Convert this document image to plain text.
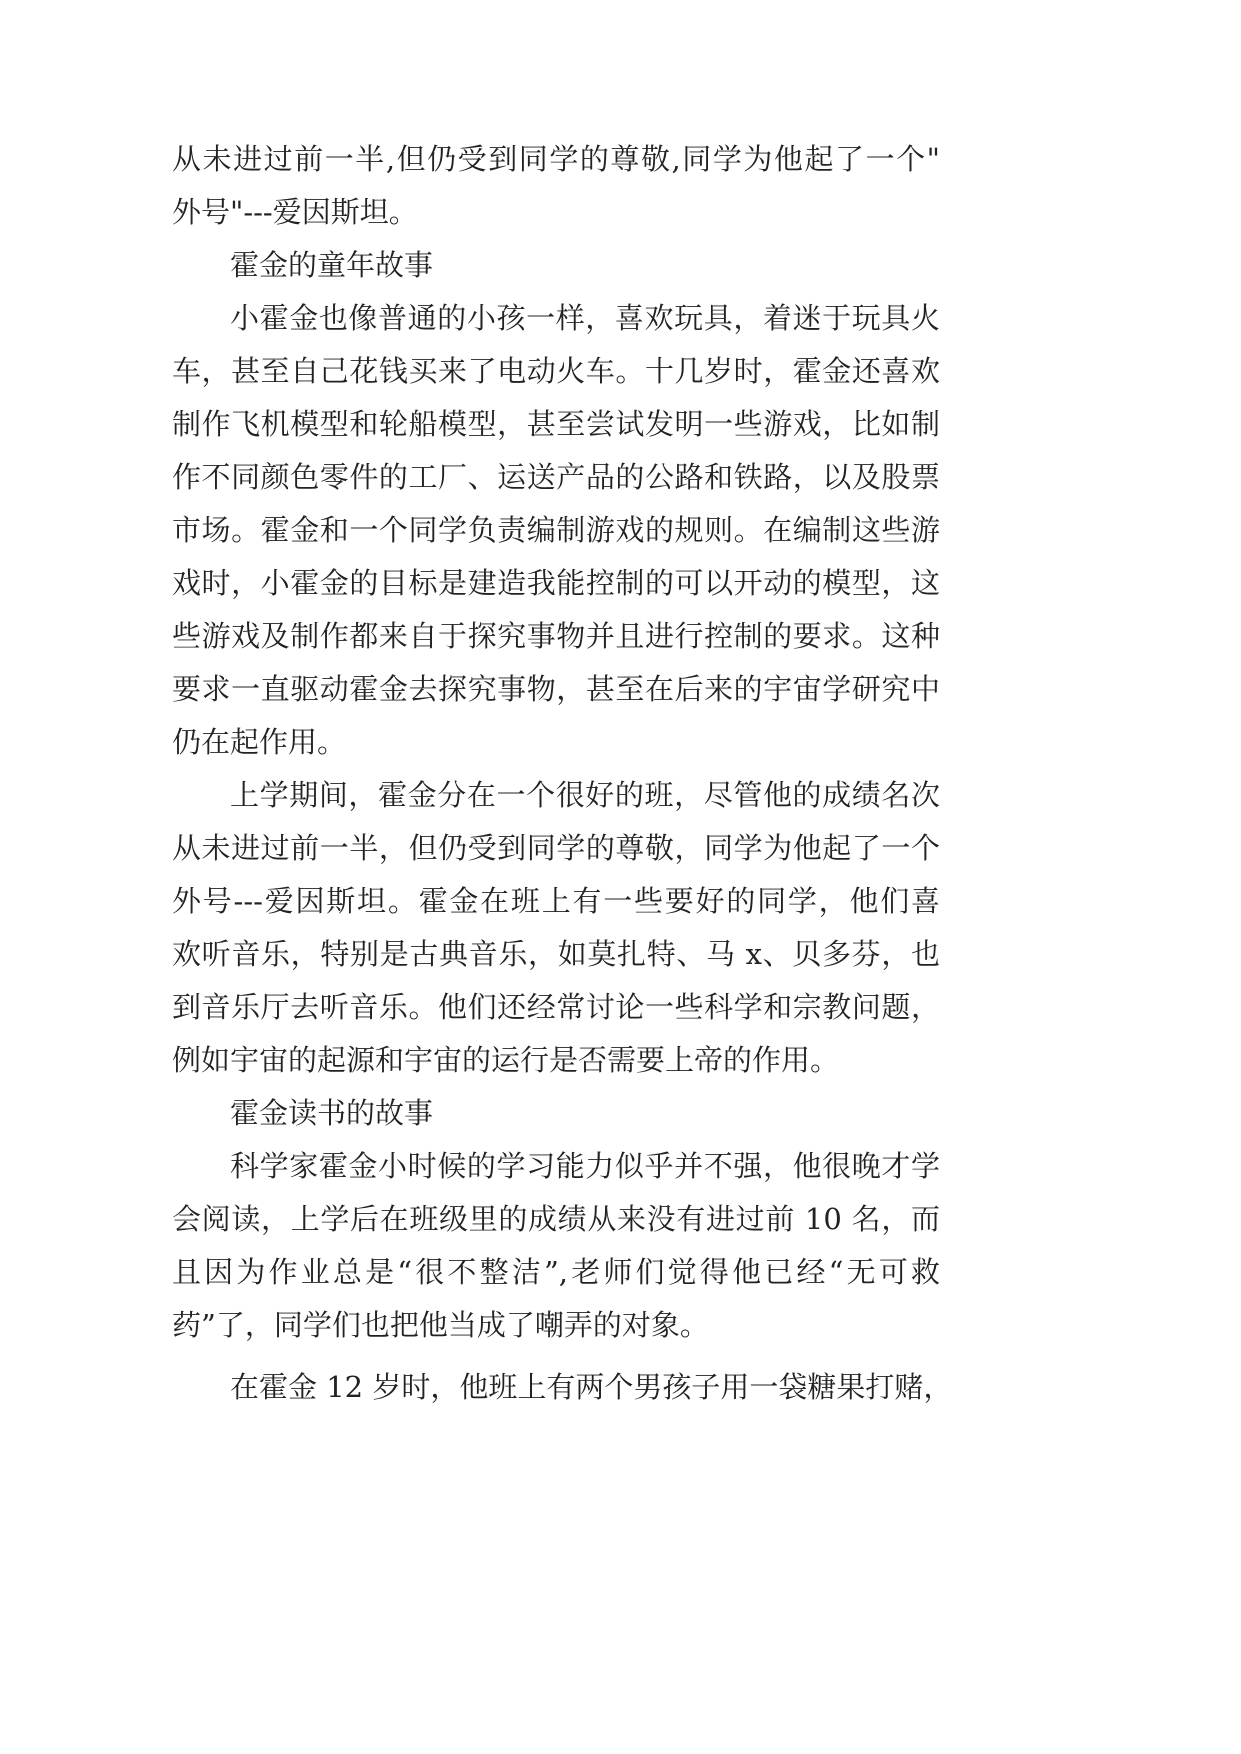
从未进过前一半,但仍受到同学的尊敬,同学为他起了一个"
外号"---爱因斯坦。
霍金的童年故事
小霍金也像普通的小孩一样，喜欢玩具，着迷于玩具火
车，甚至自己花钱买来了电动火车。十几岁时，霍金还喜欢
制作飞机模型和轮船模型，甚至尝试发明一些游戏，比如制
作不同颜色零件的工厂、运送产品的公路和铁路，以及股票
市场。霍金和一个同学负责编制游戏的规则。在编制这些游
戏时，小霍金的目标是建造我能控制的可以开动的模型，这
些游戏及制作都来自于探究事物并且进行控制的要求。这种
要求一直驱动霍金去探究事物，甚至在后来的宇宙学研究中
仍在起作用。
上学期间，霍金分在一个很好的班，尽管他的成绩名次
从未进过前一半，但仍受到同学的尊敬，同学为他起了一个
外号---爱因斯坦。霍金在班上有一些要好的同学，他们喜
欢听音乐，特别是古典音乐，如莫扎特、马 x、贝多芬，也
到音乐厅去听音乐。他们还经常讨论一些科学和宗教问题，
例如宇宙的起源和宇宙的运行是否需要上帝的作用。
霍金读书的故事
科学家霍金小时候的学习能力似乎并不强，他很晚才学
会阅读，上学后在班级里的成绩从来没有进过前 10 名，而
且因为作业总是“很不整洁”,老师们觉得他已经“无可救
药”了，同学们也把他当成了嘲弄的对象。
在霍金 12 岁时，他班上有两个男孩子用一袋糖果打赌，
